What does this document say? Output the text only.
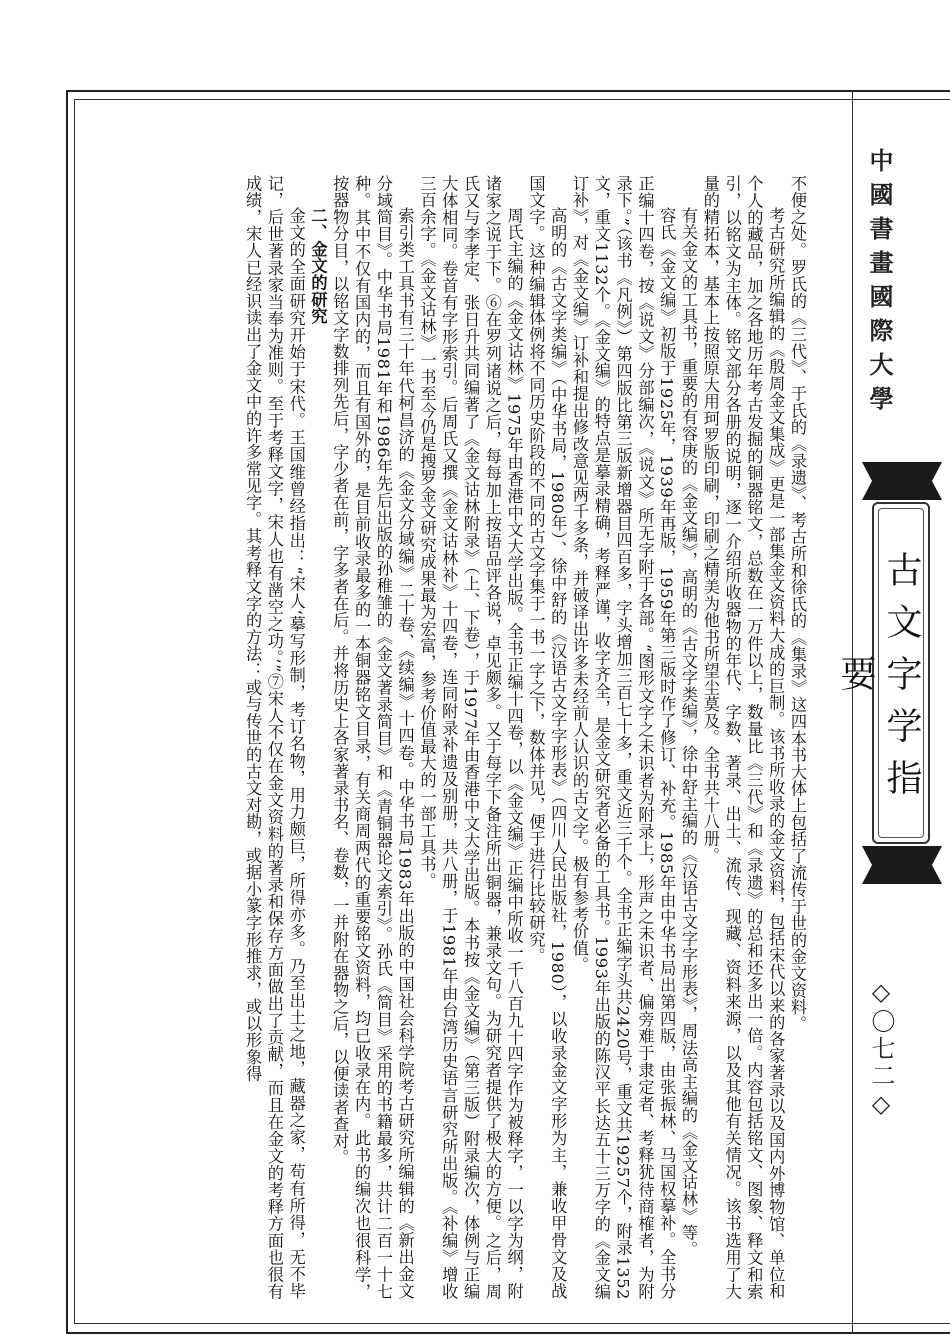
中國書畫國際大學
古文字学指要
◇〇七二◇

不便之处。罗氏的《三代》、于氏的《录遗》、考古所和徐氏的《集录》这四本书大体上包括了流传于世的金文资料。

考古研究所编辑的《殷周金文集成》更是一部集金文资料大成的巨制。该书所收录的金文资料，包括宋代以来的各家著录以及国内外博物馆、单位和个人的藏品，加之各地历年考古发掘的铜器铭文，总数在一万件以上，数量比《三代》和《录遗》的总和还多出一倍。内容包括铭文、图象、释文和索引，以铭文为主体。铭文部分各册的说明，逐一介绍所收器物的年代、字数、著录、出土、流传、现藏、资料来源，以及其他有关情况。该书选用了大量的精拓本，基本上按照原大用珂罗版印刷，印刷之精美为他书所望尘莫及。全书共十八册。

有关金文的工具书，重要的有容庚的《金文编》，高明的《古文字类编》，徐中舒主编的《汉语古文字字形表》，周法高主编的《金文诂林》等。

容氏《金文编》初版于1925年，1939年再版，1959年第三版时作了修订、补充。1985年由中华书局出第四版，由张振林、马国权摹补。全书分正编十四卷，按《说文》分部编次，《说文》所无字附于各部。“图形文字之未识者为附录上，形声之未识者、偏旁难于隶定者、考释犹待商榷者，为附录下。”（该书《凡例》）第四版比第三版新增器目四百多，字头增加三百七十多，重文近三千个。全书正编字头共2420号，重文共19257个，附录1352文，重文1132个。《金文编》的特点是摹录精确，考释严谨，收字齐全，是金文研究者必备的工具书。1993年出版的陈汉平长达五十三万字的《金文编订补》，对《金文编》订补和提出修改意见两千多条，并破译出许多未经前人认识的古文字。极有参考价值。

高明的《古文字类编》（中华书局，1980年）、徐中舒的《汉语古文字字形表》（四川人民出版社，1980），以收录金文字形为主，兼收甲骨文及战国文字。这种编辑体例将不同历史阶段的不同的古文字集于一书一字之下，数体并见，便于进行比较研究。

周氏主编的《金文诂林》1975年由香港中文大学出版。全书正编十四卷，以《金文编》正编中所收一千八百九十四字作为被释字，一以字为纲，附诸家之说于下。⑥在罗列诸说之后，每每加上按语品评各说，卓见颇多。又于每字下备注所出铜器，兼录文句。为研究者提供了极大的方便。之后，周氏又与李孝定、张日升共同编著了《金文诂林附录》（上、下卷），于1977年由香港中文大学出版。本书按《金文编》（第三版）附录编次，体例与正编大体相同。卷首有字形索引。后周氏又撰《金文诂林补》十四卷，连同附录补遗及别册，共八册，于1981年由台湾历史语言研究所出版。《补编》增收三百余字。《金文诂林》一书至今仍是搜罗金文研究成果最为宏富，参考价值最大的一部工具书。

索引类工具书有三十年代柯昌济的《金文分域编》二十卷、《续编》十四卷。中华书局1983年出版的中国社会科学院考古研究所编辑的《新出金文分域简目》。中华书局1981年和1986年先后出版的孙稚雏的《金文著录简目》和《青铜器论文索引》。孙氏《简目》采用的书籍最多，共计二百一十七种。其中不仅有国内的，而且有国外的，是目前收录最多的一本铜器铭文目录，有关商周两代的重要铭文资料，均已收录在内。此书的编次也很科学，按器物分目，以铭文字数排列先后，字少者在前，字多者在后。并将历史上各家著录书名、卷数，一并附在器物之后，以便读者查对。

二、金文的研究

金文的全面研究开始于宋代。王国维曾经指出：“宋人‘摹写形制，考订名物，用力颇巨，所得亦多。乃至出土之地，藏器之家，苟有所得，无不毕记，后世著录家当奉为准则。至于考释文字，宋人也有凿空之功。’”⑦宋人不仅在金文资料的著录和保存方面做出了贡献，而且在金文的考释方面也很有成绩，宋人已经识读出了金文中的许多常见字。其考释文字的方法：或与传世的古文对勘，或据小篆字形推求，或以形象得
